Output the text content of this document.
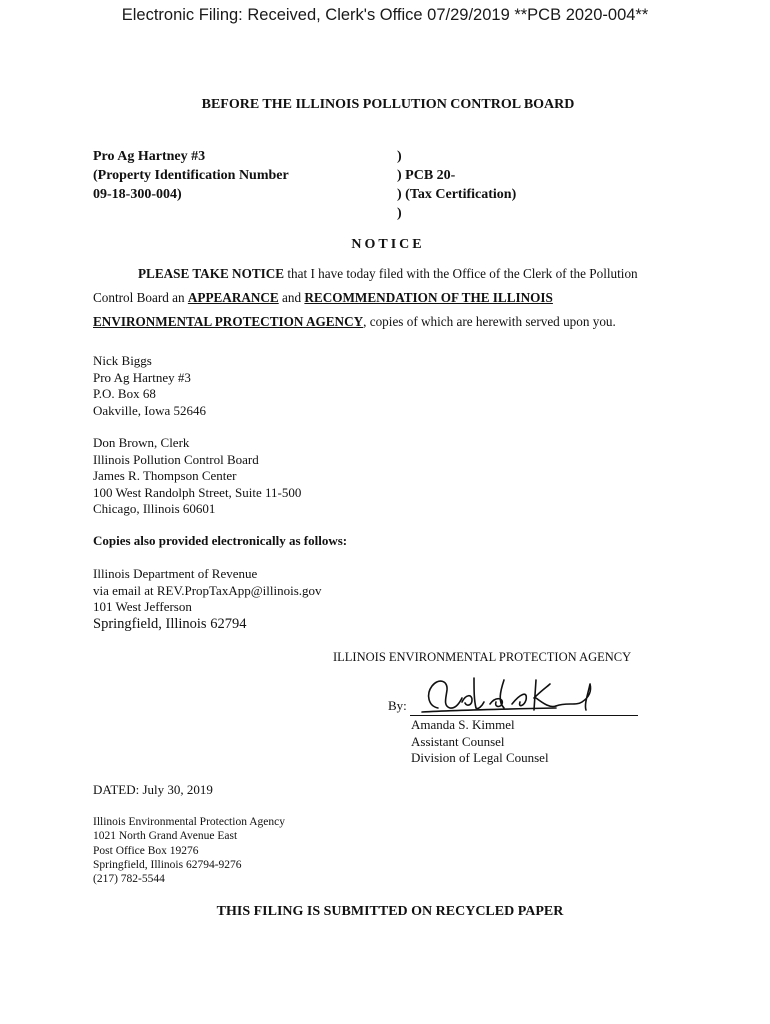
Electronic Filing: Received, Clerk's Office 07/29/2019 **PCB 2020-004**
BEFORE THE ILLINOIS POLLUTION CONTROL BOARD
Pro Ag Hartney #3
(Property Identification Number
09-18-300-004)
)
) PCB 20-
) (Tax Certification)
)
NOTICE
PLEASE TAKE NOTICE that I have today filed with the Office of the Clerk of the Pollution
Control Board an APPEARANCE and RECOMMENDATION OF THE ILLINOIS
ENVIRONMENTAL PROTECTION AGENCY, copies of which are herewith served upon you.
Nick Biggs
Pro Ag Hartney #3
P.O. Box 68
Oakville, Iowa 52646
Don Brown, Clerk
Illinois Pollution Control Board
James R. Thompson Center
100 West Randolph Street, Suite 11-500
Chicago, Illinois 60601
Copies also provided electronically as follows:
Illinois Department of Revenue
via email at REV.PropTaxApp@illinois.gov
101 West Jefferson
Springfield, Illinois 62794
ILLINOIS ENVIRONMENTAL PROTECTION AGENCY
By:
Amanda S. Kimmel
Assistant Counsel
Division of Legal Counsel
DATED: July 30, 2019
Illinois Environmental Protection Agency
1021 North Grand Avenue East
Post Office Box 19276
Springfield, Illinois 62794-9276
(217) 782-5544
THIS FILING IS SUBMITTED ON RECYCLED PAPER
